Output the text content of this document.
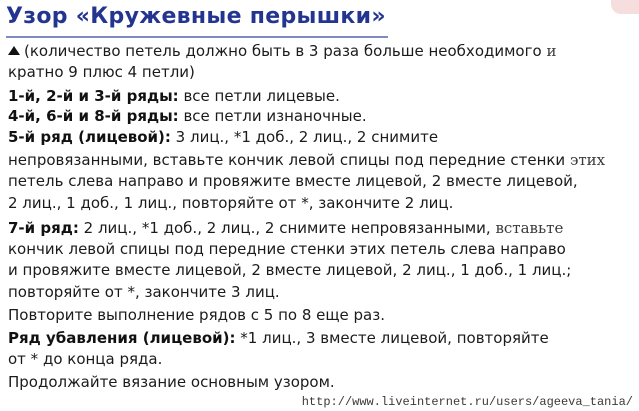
Узор «Кружевные перышки»
(количество петель должно быть в 3 раза больше необходимого и
кратно 9 плюс 4 петли)
1-й, 2-й и 3-й ряды: все петли лицевые.
4-й, 6-й и 8-й ряды: все петли изнаночные.
5-й ряд (лицевой): 3 лиц., *1 доб., 2 лиц., 2 снимите
непровязанными, вставьте кончик левой спицы под передние стенки этих
петель слева направо и провяжите вместе лицевой, 2 вместе лицевой,
2 лиц., 1 доб., 1 лиц., повторяйте от *, закончите 2 лиц.
7-й ряд: 2 лиц., *1 доб., 2 лиц., 2 снимите непровязанными, вставьте
кончик левой спицы под передние стенки этих петель слева направо
и провяжите вместе лицевой, 2 вместе лицевой, 2 лиц., 1 доб., 1 лиц.;
повторяйте от *, закончите 3 лиц.
Повторите выполнение рядов с 5 по 8 еще раз.
Ряд убавления (лицевой): *1 лиц., 3 вместе лицевой, повторяйте
от * до конца ряда.
Продолжайте вязание основным узором.
http://www.liveinternet.ru/users/ageeva_tania/
